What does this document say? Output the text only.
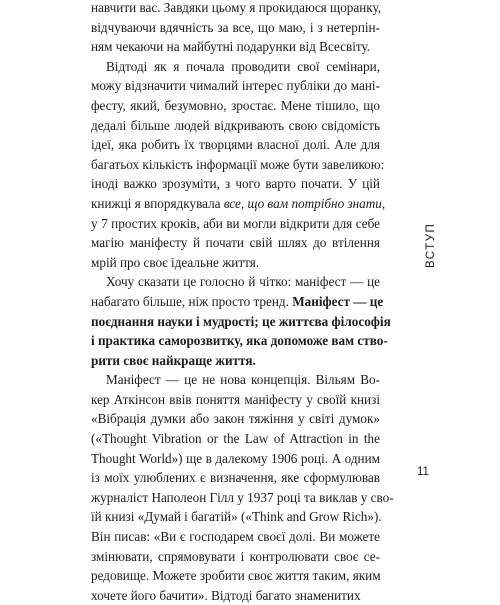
навчити вас. Завдяки цьому я прокидаюся щоранку,
відчуваючи вдячність за все, що маю, і з нетерпін-
ням чекаючи на майбутні подарунки від Всесвіту.
Відтоді як я почала проводити свої семінари,
можу відзначити чималий інтерес публіки до мані-
фесту, який, безумовно, зростає. Мене тішило, що
дедалі більше людей відкривають свою свідомість
ідеї, яка робить їх творцями власної долі. Але для
багатьох кількість інформації може бути завеликою:
іноді важко зрозуміти, з чого варто почати. У цій
книжці я впорядкувала все, що вам потрібно знати,
у 7 простих кроків, аби ви могли відкрити для себе
магію маніфесту й почати свій шлях до втілення
мрій про своє ідеальне життя.
Хочу сказати це голосно й чітко: маніфест — це
набагато більше, ніж просто тренд. Маніфест — це
поєднання науки і мудрості; це життєва філософія
і практика саморозвитку, яка допоможе вам ство-
рити своє найкраще життя.
Маніфест — це не нова концепція. Вільям Во-
кер Аткінсон ввів поняття маніфесту у своїй книзі
«Вібрація думки або закон тяжіння у світі думок»
(«Thought Vibration or the Law of Attraction in the
Thought World») ще в далекому 1906 році. А одним
із моїх улюблених є визначення, яке сформулював
журналіст Наполеон Гілл у 1937 році та виклав у сво-
їй книзі «Думай і багатій» («Think and Grow Rich»).
Він писав: «Ви є господарем своєї долі. Ви можете
змінювати, спрямовувати і контролювати своє се-
редовище. Можете зробити своє життя таким, яким
хочете його бачити». Відтоді багато знаменитих
ВСТУП
11
